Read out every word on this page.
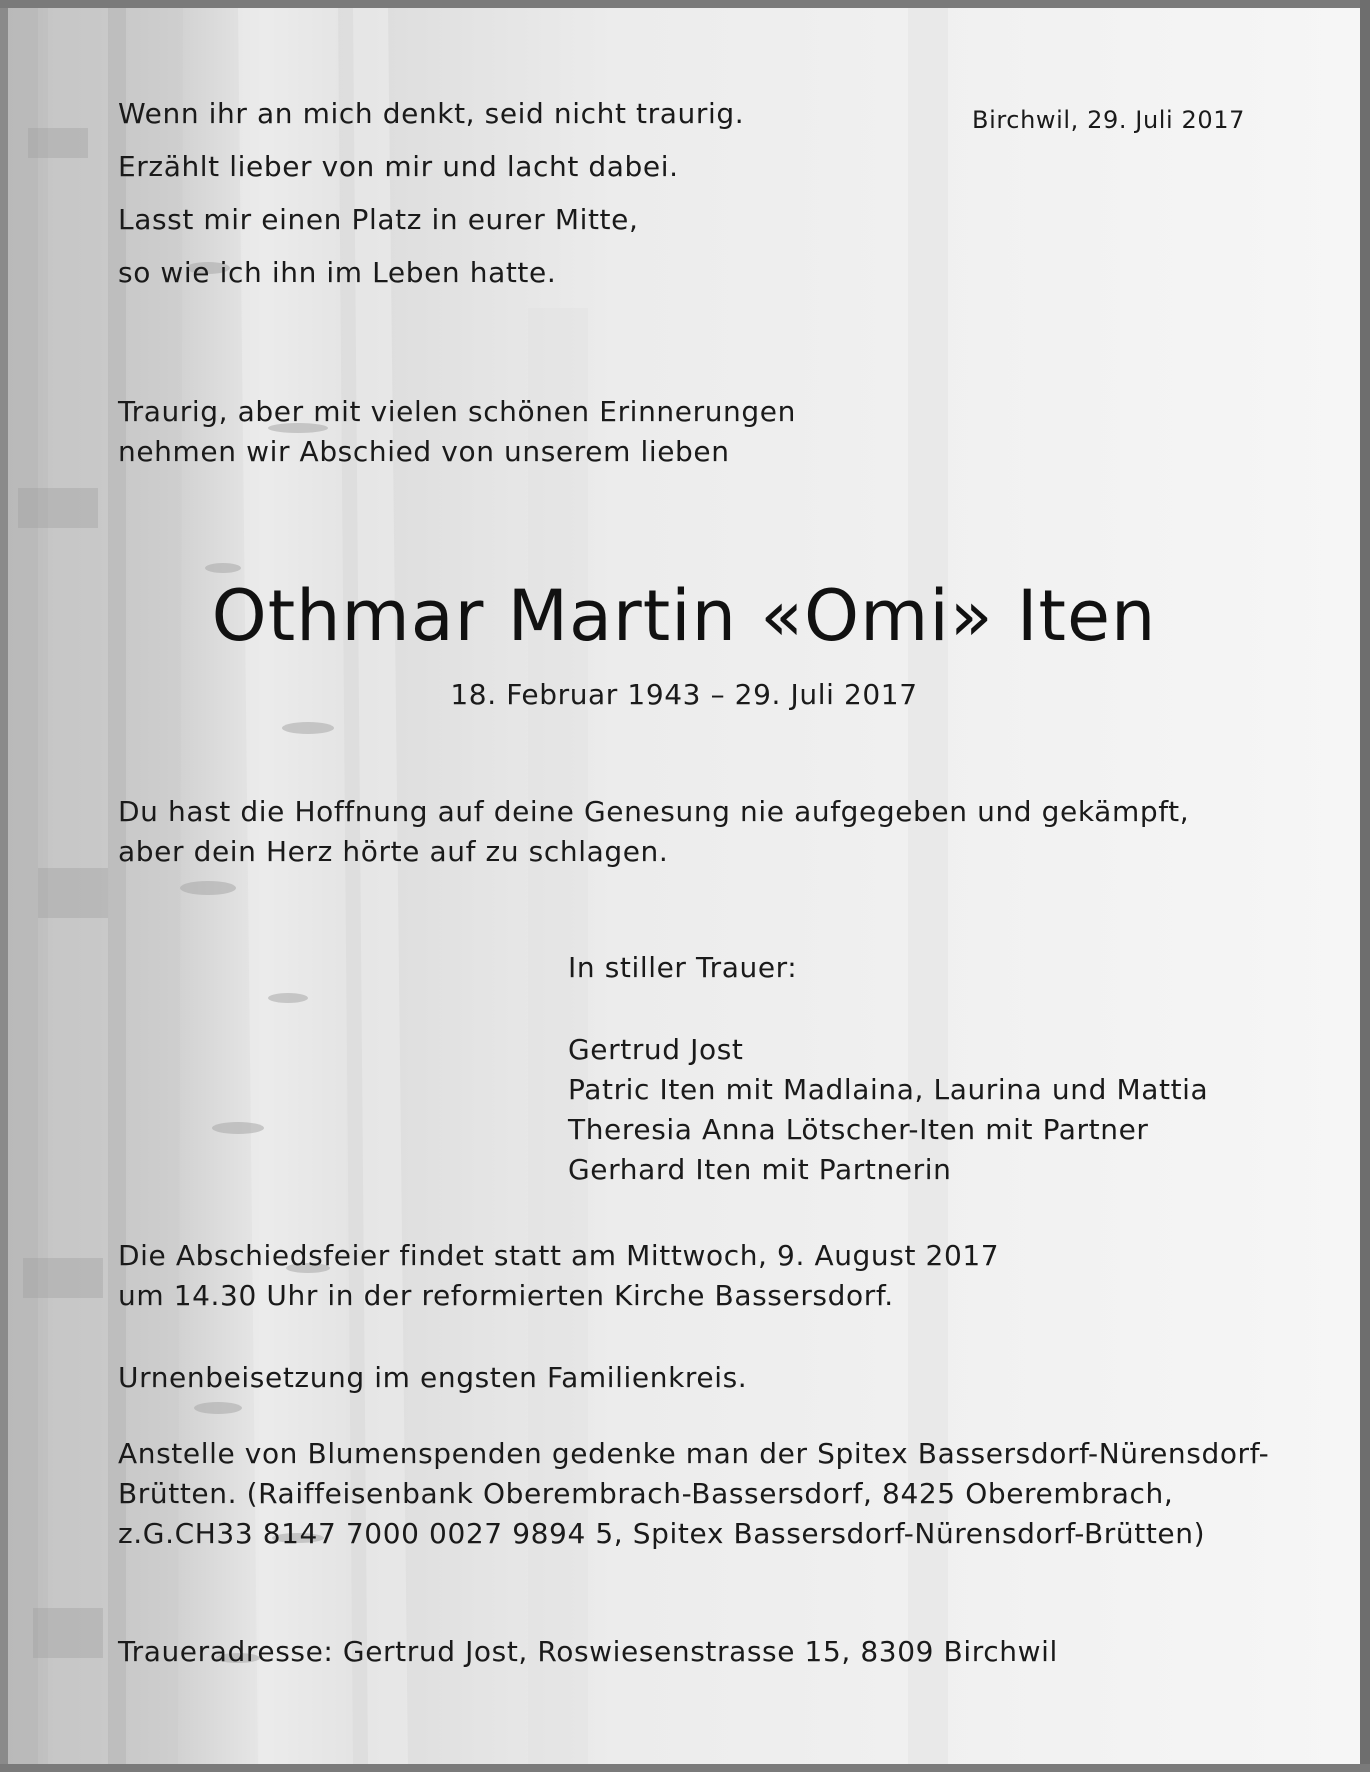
Birchwil, 29. Juli 2017
Wenn ihr an mich denkt, seid nicht traurig.
Erzählt lieber von mir und lacht dabei.
Lasst mir einen Platz in eurer Mitte,
so wie ich ihn im Leben hatte.
Traurig, aber mit vielen schönen Erinnerungen
nehmen wir Abschied von unserem lieben
Othmar Martin «Omi» Iten
18. Februar 1943 – 29. Juli 2017
Du hast die Hoffnung auf deine Genesung nie aufgegeben und gekämpft,
aber dein Herz hörte auf zu schlagen.
In stiller Trauer:
Gertrud Jost
Patric Iten mit Madlaina, Laurina und Mattia
Theresia Anna Lötscher-Iten mit Partner
Gerhard Iten mit Partnerin
Die Abschiedsfeier findet statt am Mittwoch, 9. August 2017
um 14.30 Uhr in der reformierten Kirche Bassersdorf.
Urnenbeisetzung im engsten Familienkreis.
Anstelle von Blumenspenden gedenke man der Spitex Bassersdorf-Nürensdorf-
Brütten. (Raiffeisenbank Oberembrach-Bassersdorf, 8425 Oberembrach,
z.G.CH33 8147 7000 0027 9894 5, Spitex Bassersdorf-Nürensdorf-Brütten)
Traueradresse: Gertrud Jost, Roswiesenstrasse 15, 8309 Birchwil
